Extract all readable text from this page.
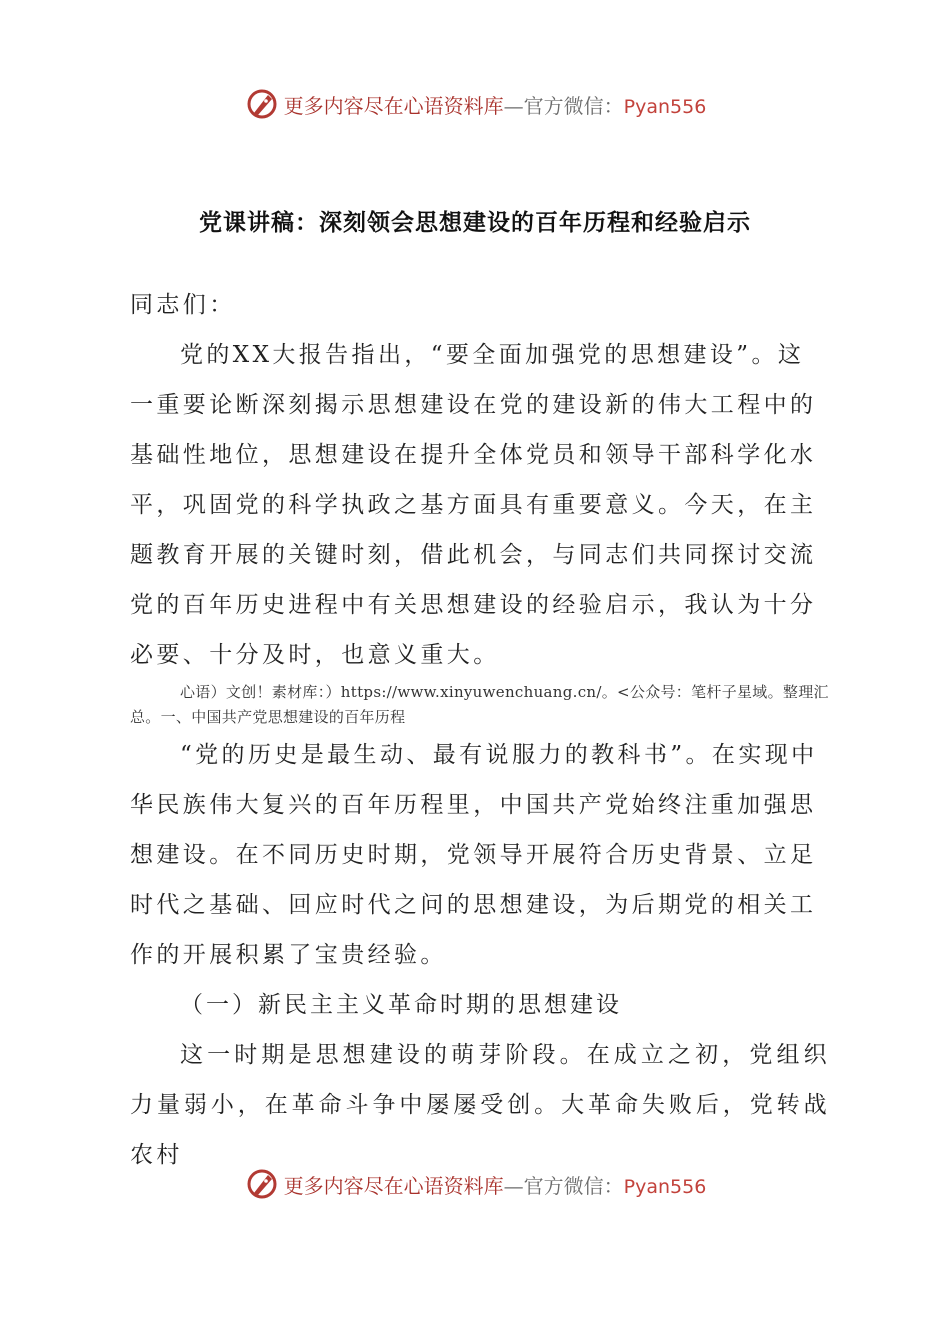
更多内容尽在心语资料库—官方微信：Pyan556
党课讲稿：深刻领会思想建设的百年历程和经验启示

同志们：

党的XX大报告指出，“要全面加强党的思想建设”。这一重要论断深刻揭示思想建设在党的建设新的伟大工程中的基础性地位，思想建设在提升全体党员和领导干部科学化水平，巩固党的科学执政之基方面具有重要意义。今天，在主题教育开展的关键时刻，借此机会，与同志们共同探讨交流党的百年历史进程中有关思想建设的经验启示，我认为十分必要、十分及时，也意义重大。

心语）文创！素材库：）https://www.xinyuwenchuang.cn/。<公众号：笔杆子星域。整理汇总。一、中国共产党思想建设的百年历程

“党的历史是最生动、最有说服力的教科书”。在实现中华民族伟大复兴的百年历程里，中国共产党始终注重加强思想建设。在不同历史时期，党领导开展符合历史背景、立足时代之基础、回应时代之问的思想建设，为后期党的相关工作的开展积累了宝贵经验。

（一）新民主主义革命时期的思想建设

这一时期是思想建设的萌芽阶段。在成立之初，党组织力量弱小，在革命斗争中屡屡受创。大革命失败后，党转战农村

更多内容尽在心语资料库—官方微信：Pyan556
